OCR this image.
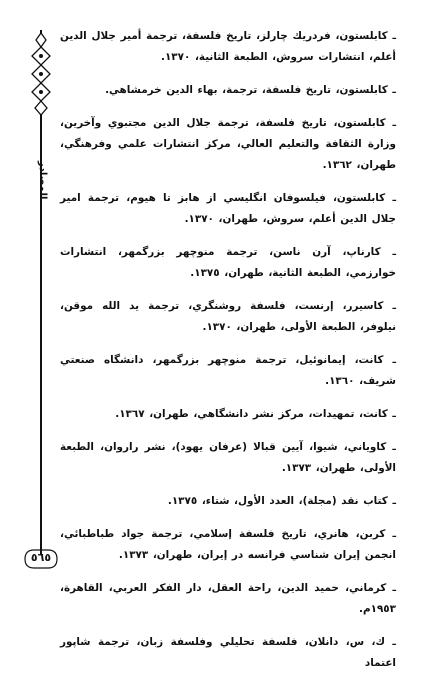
المصادر
٥٦٥
ـ كابلستون، فردريك چارلز، تاريخ فلسفة، ترجمة أمير جلال الدين أعلم، انتشارات سروش، الطبعة الثانية، ١٣٧٠.
ـ كابلستون، تاريخ فلسفة، ترجمة، بهاء الدين خرمشاهي.
ـ كابلستون، تاريخ فلسفة، ترجمة جلال الدين مجتبوي وآخرين، وزارة الثقافة والتعليم العالي، مركز انتشارات علمي وفرهنگي، طهران، ١٣٦٢.
ـ كابلستون، فيلسوفان انگليسي از هابز تا هيوم، ترجمة امير جلال الدين أعلم، سروش، طهران، ١٣٧٠.
ـ كارناپ، آرن ناسن، ترجمة منوچهر بزرگمهر، انتشارات خوارزمي، الطبعة الثانية، طهران، ١٣٧٥.
ـ كاسيرر، إرنست، فلسفة روشنگري، ترجمة يد الله موقن، نيلوفر، الطبعة الأولى، طهران، ١٣٧٠.
ـ كانت، إيمانوئيل، ترجمة منوچهر بزرگمهر، دانشگاه صنعتي شريف، ١٣٦٠.
ـ كانت، تمهيدات، مركز نشر دانشگاهي، طهران، ١٣٦٧.
ـ كاوياني، شيوا، آيين قبالا (عرفان يهود)، نشر راروان، الطبعة الأولى، طهران، ١٣٧٣.
ـ كتاب نقد (مجلة)، العدد الأول، شتاء، ١٣٧٥.
ـ كربن، هانري، تاريخ فلسفة إسلامي، ترجمة جواد طباطبائي، انجمن إيران شناسي فرانسه در إيران، طهران، ١٣٧٣.
ـ كرماني، حميد الدين، راحة العقل، دار الفكر العربي، القاهرة، ١٩٥٣م.
ـ ك، س، دانلان، فلسفة تحليلي وفلسفة زبان، ترجمة شاپور اعتماد
